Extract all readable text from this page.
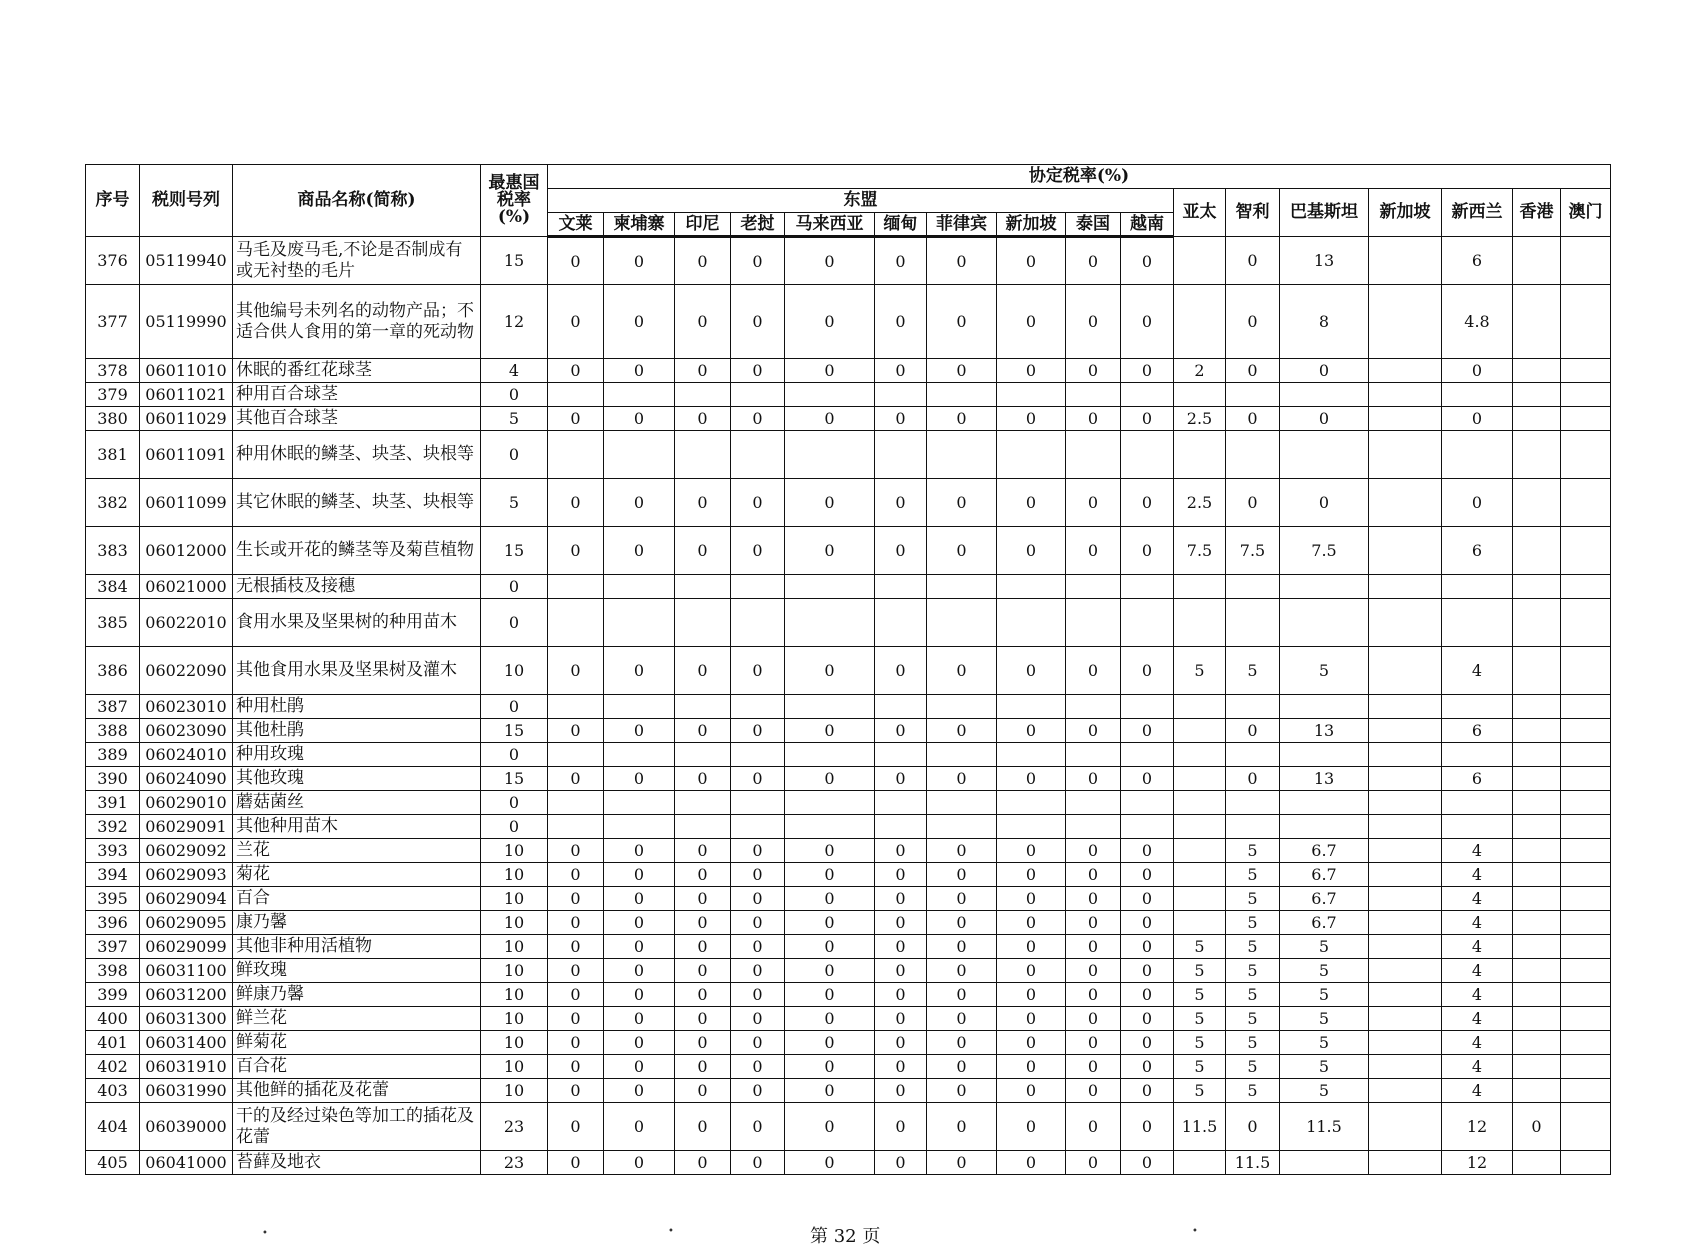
序号	税则号列	商品名称(简称)	最惠国税率(%)	协定税率(%)																
				东盟										亚太	智利	巴基斯坦	新加坡	新西兰	香港	澳门
				文莱	柬埔寨	印尼	老挝	马来西亚	缅甸	菲律宾	新加坡	泰国	越南							
376	05119940	马毛及废马毛,不论是否制成有或无衬垫的毛片	15	0	0	0	0	0	0	0	0	0	0		0	13		6		
377	05119990	其他编号未列名的动物产品；不适合供人食用的第一章的死动物	12	0	0	0	0	0	0	0	0	0	0		0	8		4.8		
378	06011010	休眠的番红花球茎	4	0	0	0	0	0	0	0	0	0	0	2	0	0		0		
379	06011021	种用百合球茎	0																	
380	06011029	其他百合球茎	5	0	0	0	0	0	0	0	0	0	0	2.5	0	0		0		
381	06011091	种用休眠的鳞茎、块茎、块根等	0																	
382	06011099	其它休眠的鳞茎、块茎、块根等	5	0	0	0	0	0	0	0	0	0	0	2.5	0	0		0		
383	06012000	生长或开花的鳞茎等及菊苣植物	15	0	0	0	0	0	0	0	0	0	0	7.5	7.5	7.5		6		
384	06021000	无根插枝及接穗	0																	
385	06022010	食用水果及坚果树的种用苗木	0																	
386	06022090	其他食用水果及坚果树及灌木	10	0	0	0	0	0	0	0	0	0	0	5	5	5		4		
387	06023010	种用杜鹃	0																	
388	06023090	其他杜鹃	15	0	0	0	0	0	0	0	0	0	0		0	13		6		
389	06024010	种用玫瑰	0																	
390	06024090	其他玫瑰	15	0	0	0	0	0	0	0	0	0	0		0	13		6		
391	06029010	蘑菇菌丝	0																	
392	06029091	其他种用苗木	0																	
393	06029092	兰花	10	0	0	0	0	0	0	0	0	0	0		5	6.7		4		
394	06029093	菊花	10	0	0	0	0	0	0	0	0	0	0		5	6.7		4		
395	06029094	百合	10	0	0	0	0	0	0	0	0	0	0		5	6.7		4		
396	06029095	康乃馨	10	0	0	0	0	0	0	0	0	0	0		5	6.7		4		
397	06029099	其他非种用活植物	10	0	0	0	0	0	0	0	0	0	0	5	5	5		4		
398	06031100	鲜玫瑰	10	0	0	0	0	0	0	0	0	0	0	5	5	5		4		
399	06031200	鲜康乃馨	10	0	0	0	0	0	0	0	0	0	0	5	5	5		4		
400	06031300	鲜兰花	10	0	0	0	0	0	0	0	0	0	0	5	5	5		4		
401	06031400	鲜菊花	10	0	0	0	0	0	0	0	0	0	0	5	5	5		4		
402	06031910	百合花	10	0	0	0	0	0	0	0	0	0	0	5	5	5		4		
403	06031990	其他鲜的插花及花蕾	10	0	0	0	0	0	0	0	0	0	0	5	5	5		4		
404	06039000	干的及经过染色等加工的插花及花蕾	23	0	0	0	0	0	0	0	0	0	0	11.5	0	11.5		12	0	
405	06041000	苔藓及地衣	23	0	0	0	0	0	0	0	0	0	0		11.5			12		
第 32 页
•	•	•
